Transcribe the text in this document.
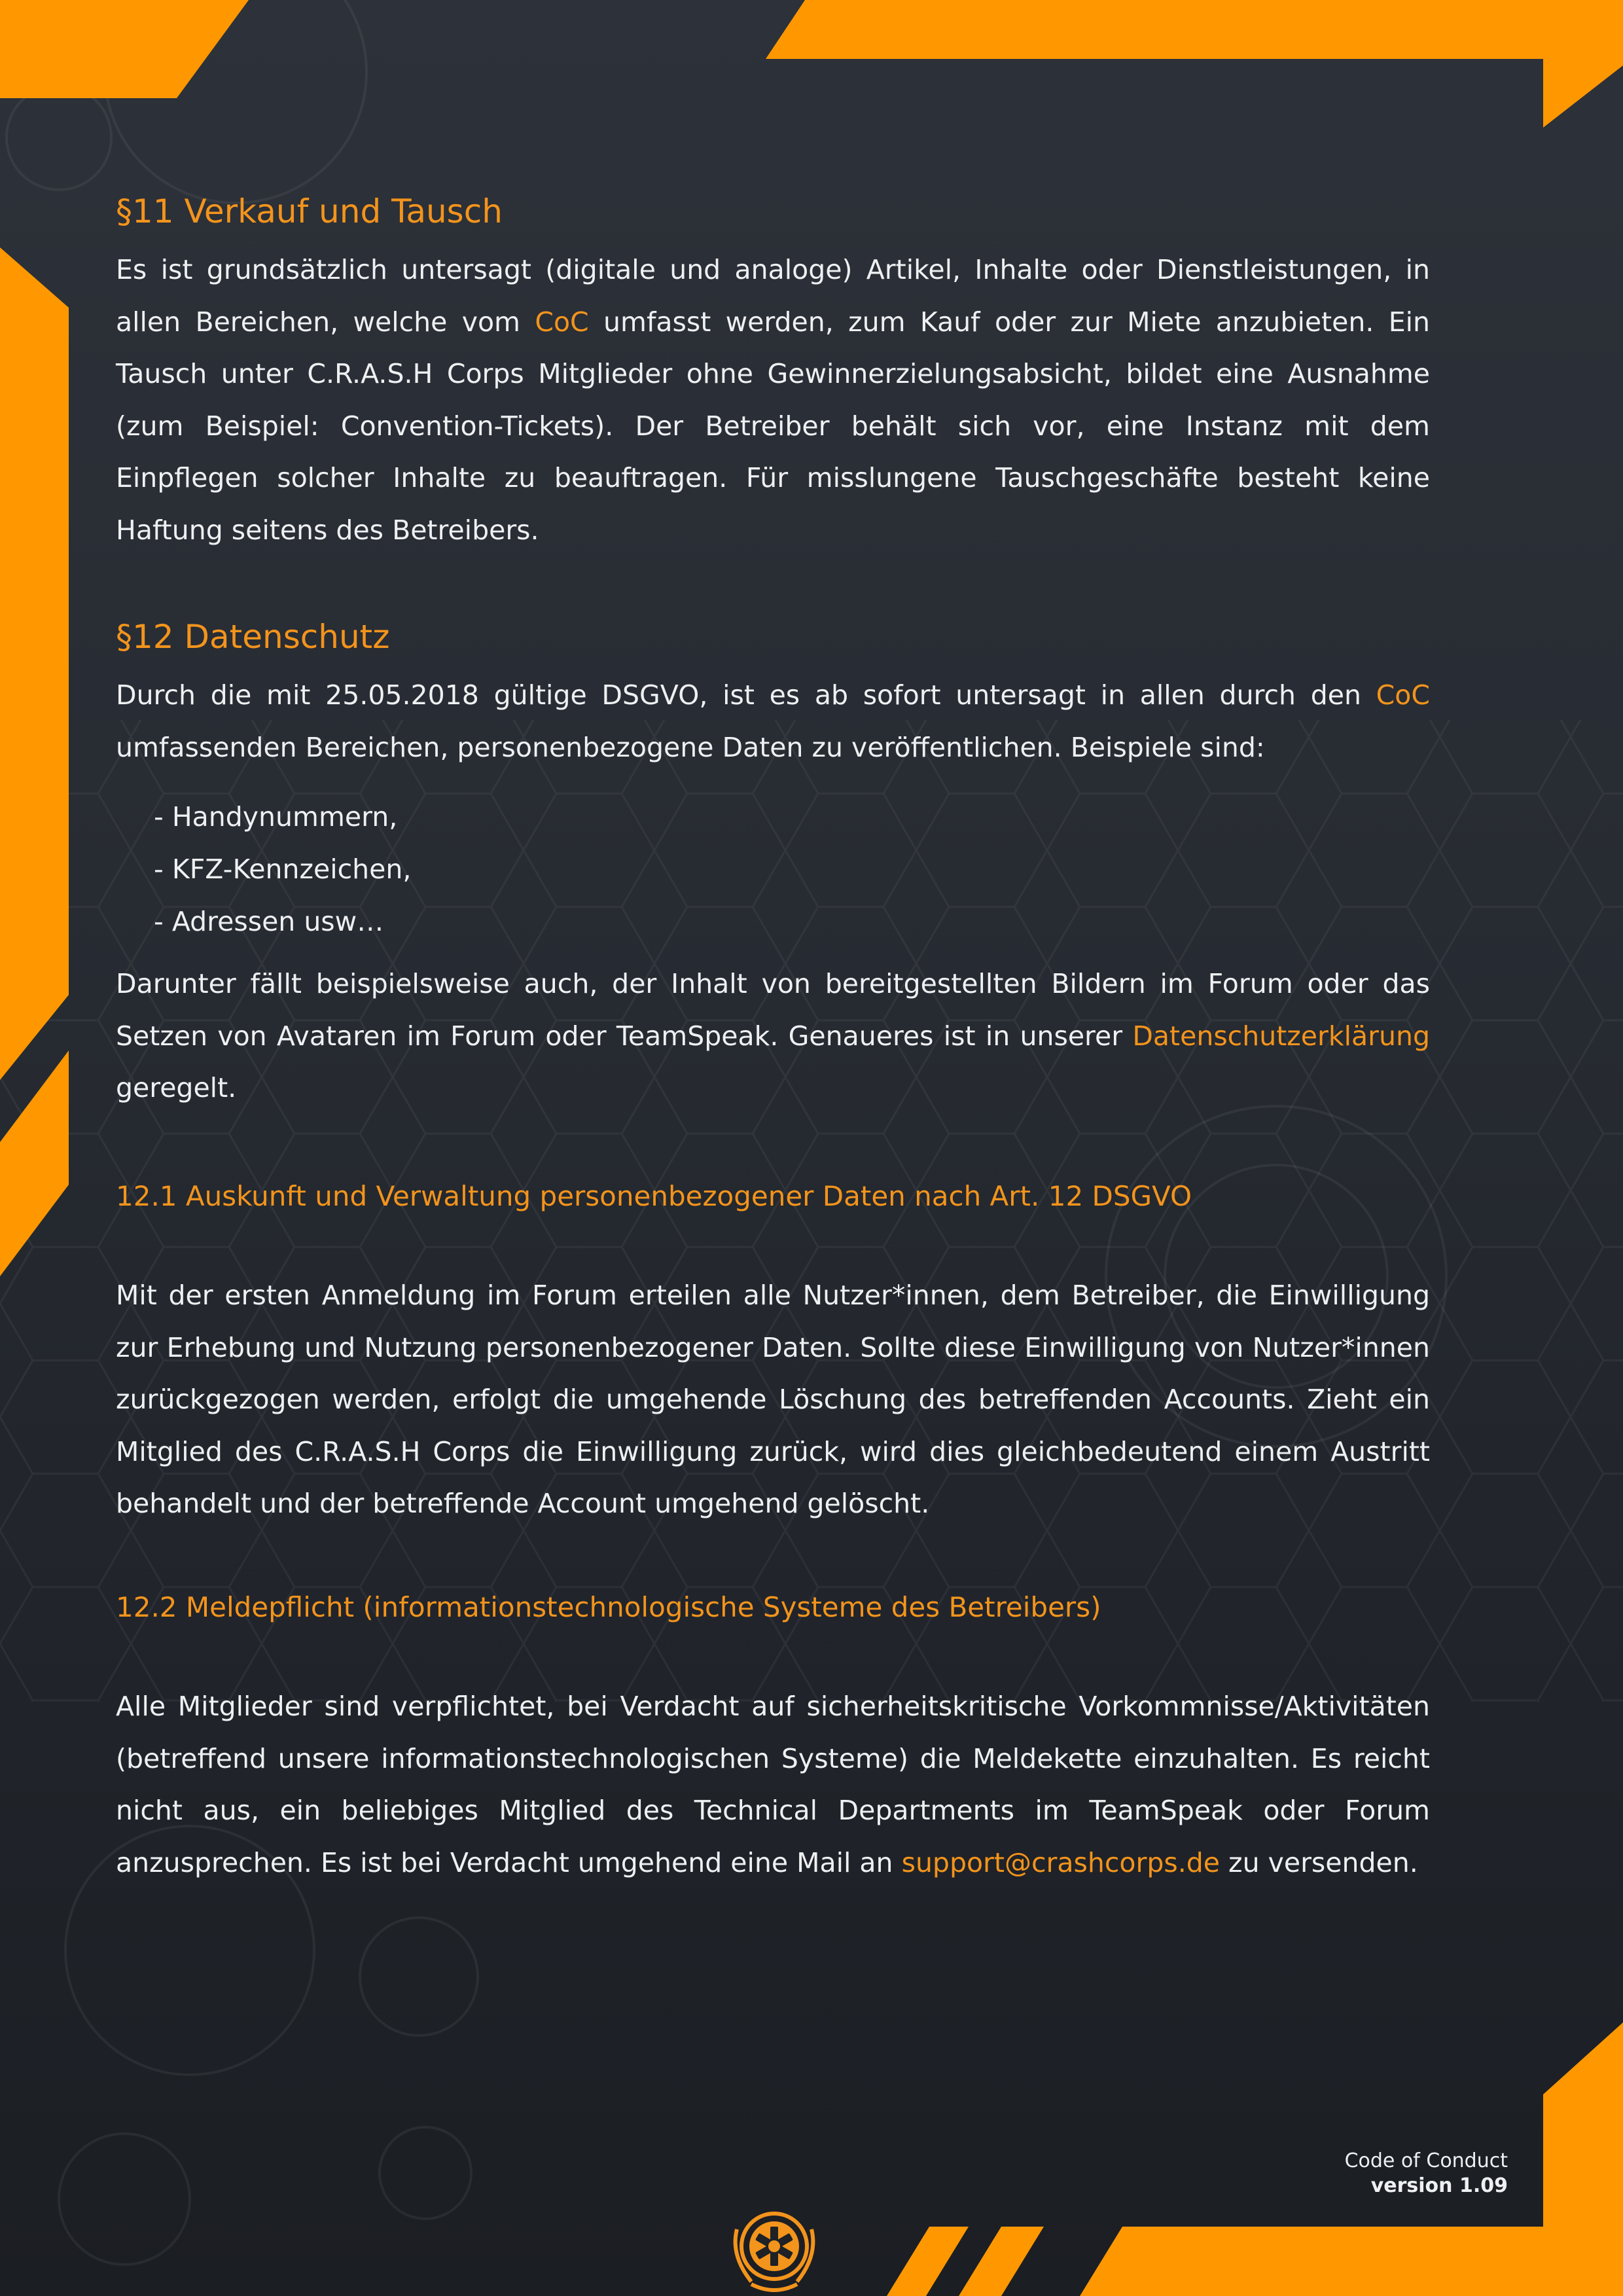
§11 Verkauf und Tausch

Es ist grundsätzlich untersagt (digitale und analoge) Artikel, Inhalte oder Dienstleistungen, in allen Bereichen, welche vom CoC umfasst werden, zum Kauf oder zur Miete anzubieten. Ein Tausch unter C.R.A.S.H Corps Mitglieder ohne Gewinnerzielungsabsicht, bildet eine Ausnahme (zum Beispiel: Convention-Tickets). Der Betreiber behält sich vor, eine Instanz mit dem Einpflegen solcher Inhalte zu beauftragen. Für misslungene Tauschgeschäfte besteht keine Haftung seitens des Betreibers.

§12 Datenschutz

Durch die mit 25.05.2018 gültige DSGVO, ist es ab sofort untersagt in allen durch den CoC umfassenden Bereichen, personenbezogene Daten zu veröffentlichen. Beispiele sind:

- Handynummern,
- KFZ-Kennzeichen,
- Adressen usw…

Darunter fällt beispielsweise auch, der Inhalt von bereitgestellten Bildern im Forum oder das Setzen von Avataren im Forum oder TeamSpeak. Genaueres ist in unserer Datenschutzerklärung geregelt.

12.1 Auskunft und Verwaltung personenbezogener Daten nach Art. 12 DSGVO

Mit der ersten Anmeldung im Forum erteilen alle Nutzer*innen, dem Betreiber, die Einwilligung zur Erhebung und Nutzung personenbezogener Daten. Sollte diese Einwilligung von Nutzer*innen zurückgezogen werden, erfolgt die umgehende Löschung des betreffenden Accounts. Zieht ein Mitglied des C.R.A.S.H Corps die Einwilligung zurück, wird dies gleichbedeutend einem Austritt behandelt und der betreffende Account umgehend gelöscht.

12.2 Meldepflicht (informationstechnologische Systeme des Betreibers)

Alle Mitglieder sind verpflichtet, bei Verdacht auf sicherheitskritische Vorkommnisse/Aktivitäten (betreffend unsere informationstechnologischen Systeme) die Meldekette einzuhalten. Es reicht nicht aus, ein beliebiges Mitglied des Technical Departments im TeamSpeak oder Forum anzusprechen. Es ist bei Verdacht umgehend eine Mail an support@crashcorps.de zu versenden.

Code of Conduct
version 1.09
